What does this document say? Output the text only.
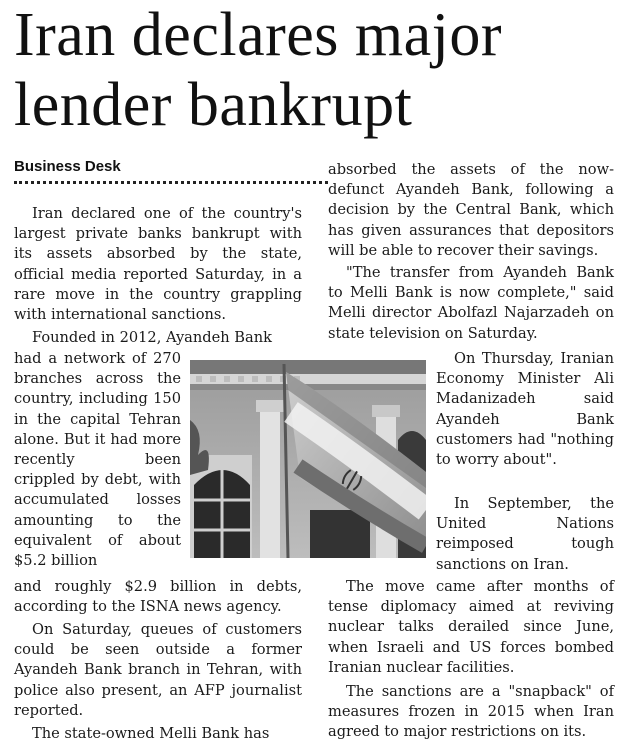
Iran declares major
lender bankrupt
Business Desk

Iran declared one of the country's largest private banks bankrupt with its assets absorbed by the state, official media reported Saturday, in a rare move in the country grappling with international sanctions.

Founded in 2012, Ayandeh Bank

had a network of 270 branches across the country, including 150 in the capital Tehran alone. But it had more recently been crippled by debt, with accumulated losses amounting to the equivalent of about $5.2 billion

and roughly $2.9 billion in debts, according to the ISNA news agency.

On Saturday, queues of customers could be seen outside a former Ayandeh Bank branch in Tehran, with police also present, an AFP journalist reported.

The state-owned Melli Bank has

absorbed the assets of the now-defunct Ayandeh Bank, following a decision by the Central Bank, which has given assurances that depositors will be able to recover their savings.

"The transfer from Ayandeh Bank to Melli Bank is now complete," said Melli director Abolfazl Najarzadeh on state television on Saturday.

On Thursday, Iranian Economy Minister Ali Madanizadeh said Ayandeh Bank customers had "nothing to worry about".

In September, the United Nations reimposed tough sanctions on Iran.

The move came after months of tense diplomacy aimed at reviving nuclear talks derailed since June, when Israeli and US forces bombed Iranian nuclear facilities.

The sanctions are a "snapback" of measures frozen in 2015 when Iran agreed to major restrictions on its.
